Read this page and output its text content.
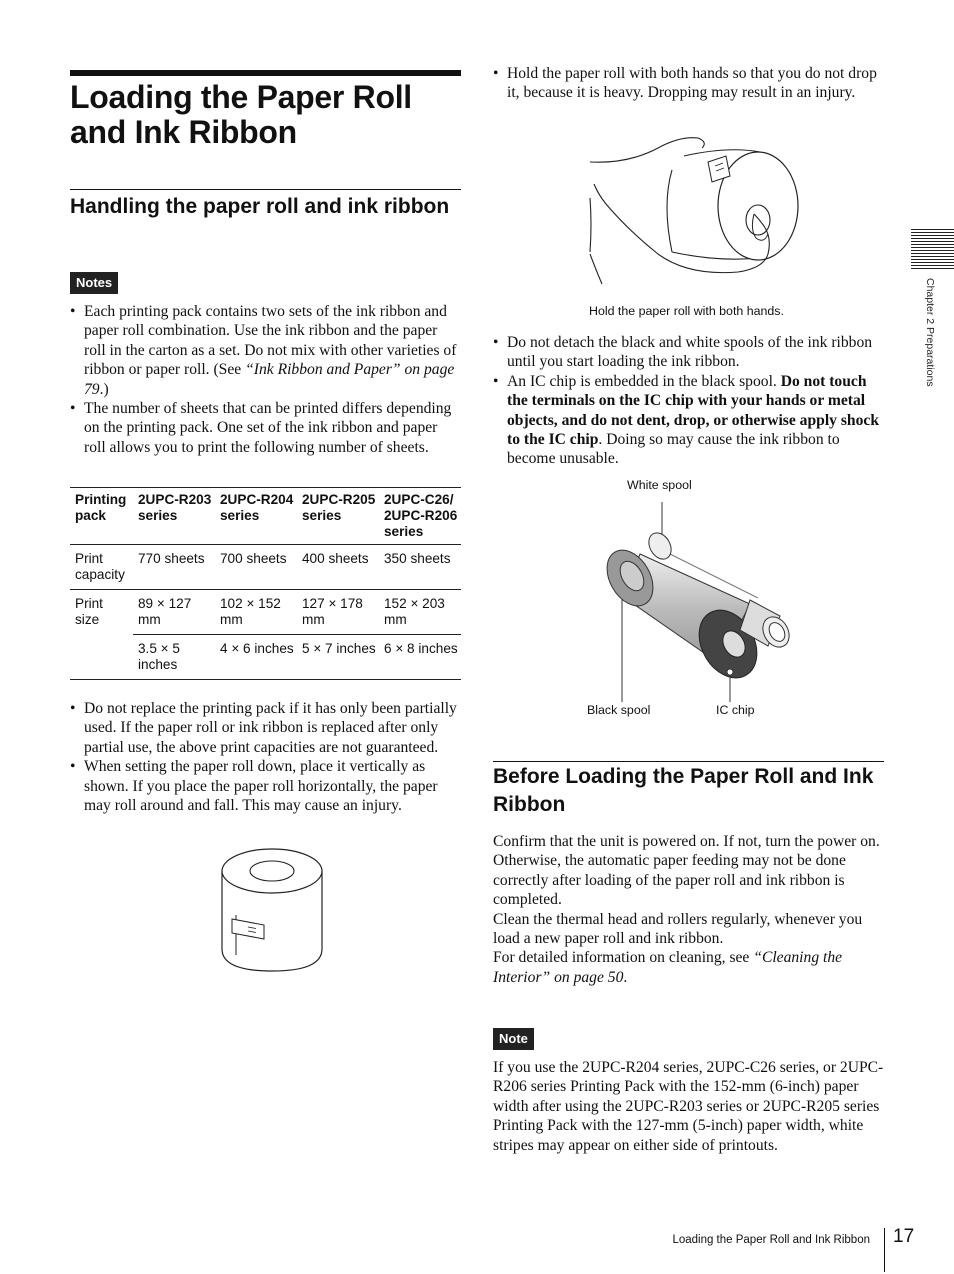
Loading the Paper Roll and Ink Ribbon
Handling the paper roll and ink ribbon
Notes
• Each printing pack contains two sets of the ink ribbon and paper roll combination. Use the ink ribbon and the paper roll in the carton as a set. Do not mix with other varieties of ribbon or paper roll. (See “Ink Ribbon and Paper” on page 79.)
• The number of sheets that can be printed differs depending on the printing pack. One set of the ink ribbon and paper roll allows you to print the following number of sheets.
Printing pack	2UPC-R203 series	2UPC-R204 series	2UPC-R205 series	2UPC-C26/ 2UPC-R206 series
Print capacity	770 sheets	700 sheets	400 sheets	350 sheets
Print size	89 × 127 mm	102 × 152 mm	127 × 178 mm	152 × 203 mm
	3.5 × 5 inches	4 × 6 inches	5 × 7 inches	6 × 8 inches
• Do not replace the printing pack if it has only been partially used. If the paper roll or ink ribbon is replaced after only partial use, the above print capacities are not guaranteed.
• When setting the paper roll down, place it vertically as shown. If you place the paper roll horizontally, the paper may roll around and fall. This may cause an injury.
• Hold the paper roll with both hands so that you do not drop it, because it is heavy. Dropping may result in an injury.
Hold the paper roll with both hands.
• Do not detach the black and white spools of the ink ribbon until you start loading the ink ribbon.
• An IC chip is embedded in the black spool. Do not touch the terminals on the IC chip with your hands or metal objects, and do not dent, drop, or otherwise apply shock to the IC chip. Doing so may cause the ink ribbon to become unusable.
White spool
Black spool	IC chip
Before Loading the Paper Roll and Ink Ribbon

Confirm that the unit is powered on. If not, turn the power on.

Otherwise, the automatic paper feeding may not be done correctly after loading of the paper roll and ink ribbon is completed.

Clean the thermal head and rollers regularly, whenever you load a new paper roll and ink ribbon.

For detailed information on cleaning, see “Cleaning the Interior” on page 50.

Note

If you use the 2UPC-R204 series, 2UPC-C26 series, or 2UPC-R206 series Printing Pack with the 152-mm (6-inch) paper width after using the 2UPC-R203 series or 2UPC-R205 series Printing Pack with the 127-mm (5-inch) paper width, white stripes may appear on either side of printouts.

Chapter 2 Preparations
Loading the Paper Roll and Ink Ribbon 17
